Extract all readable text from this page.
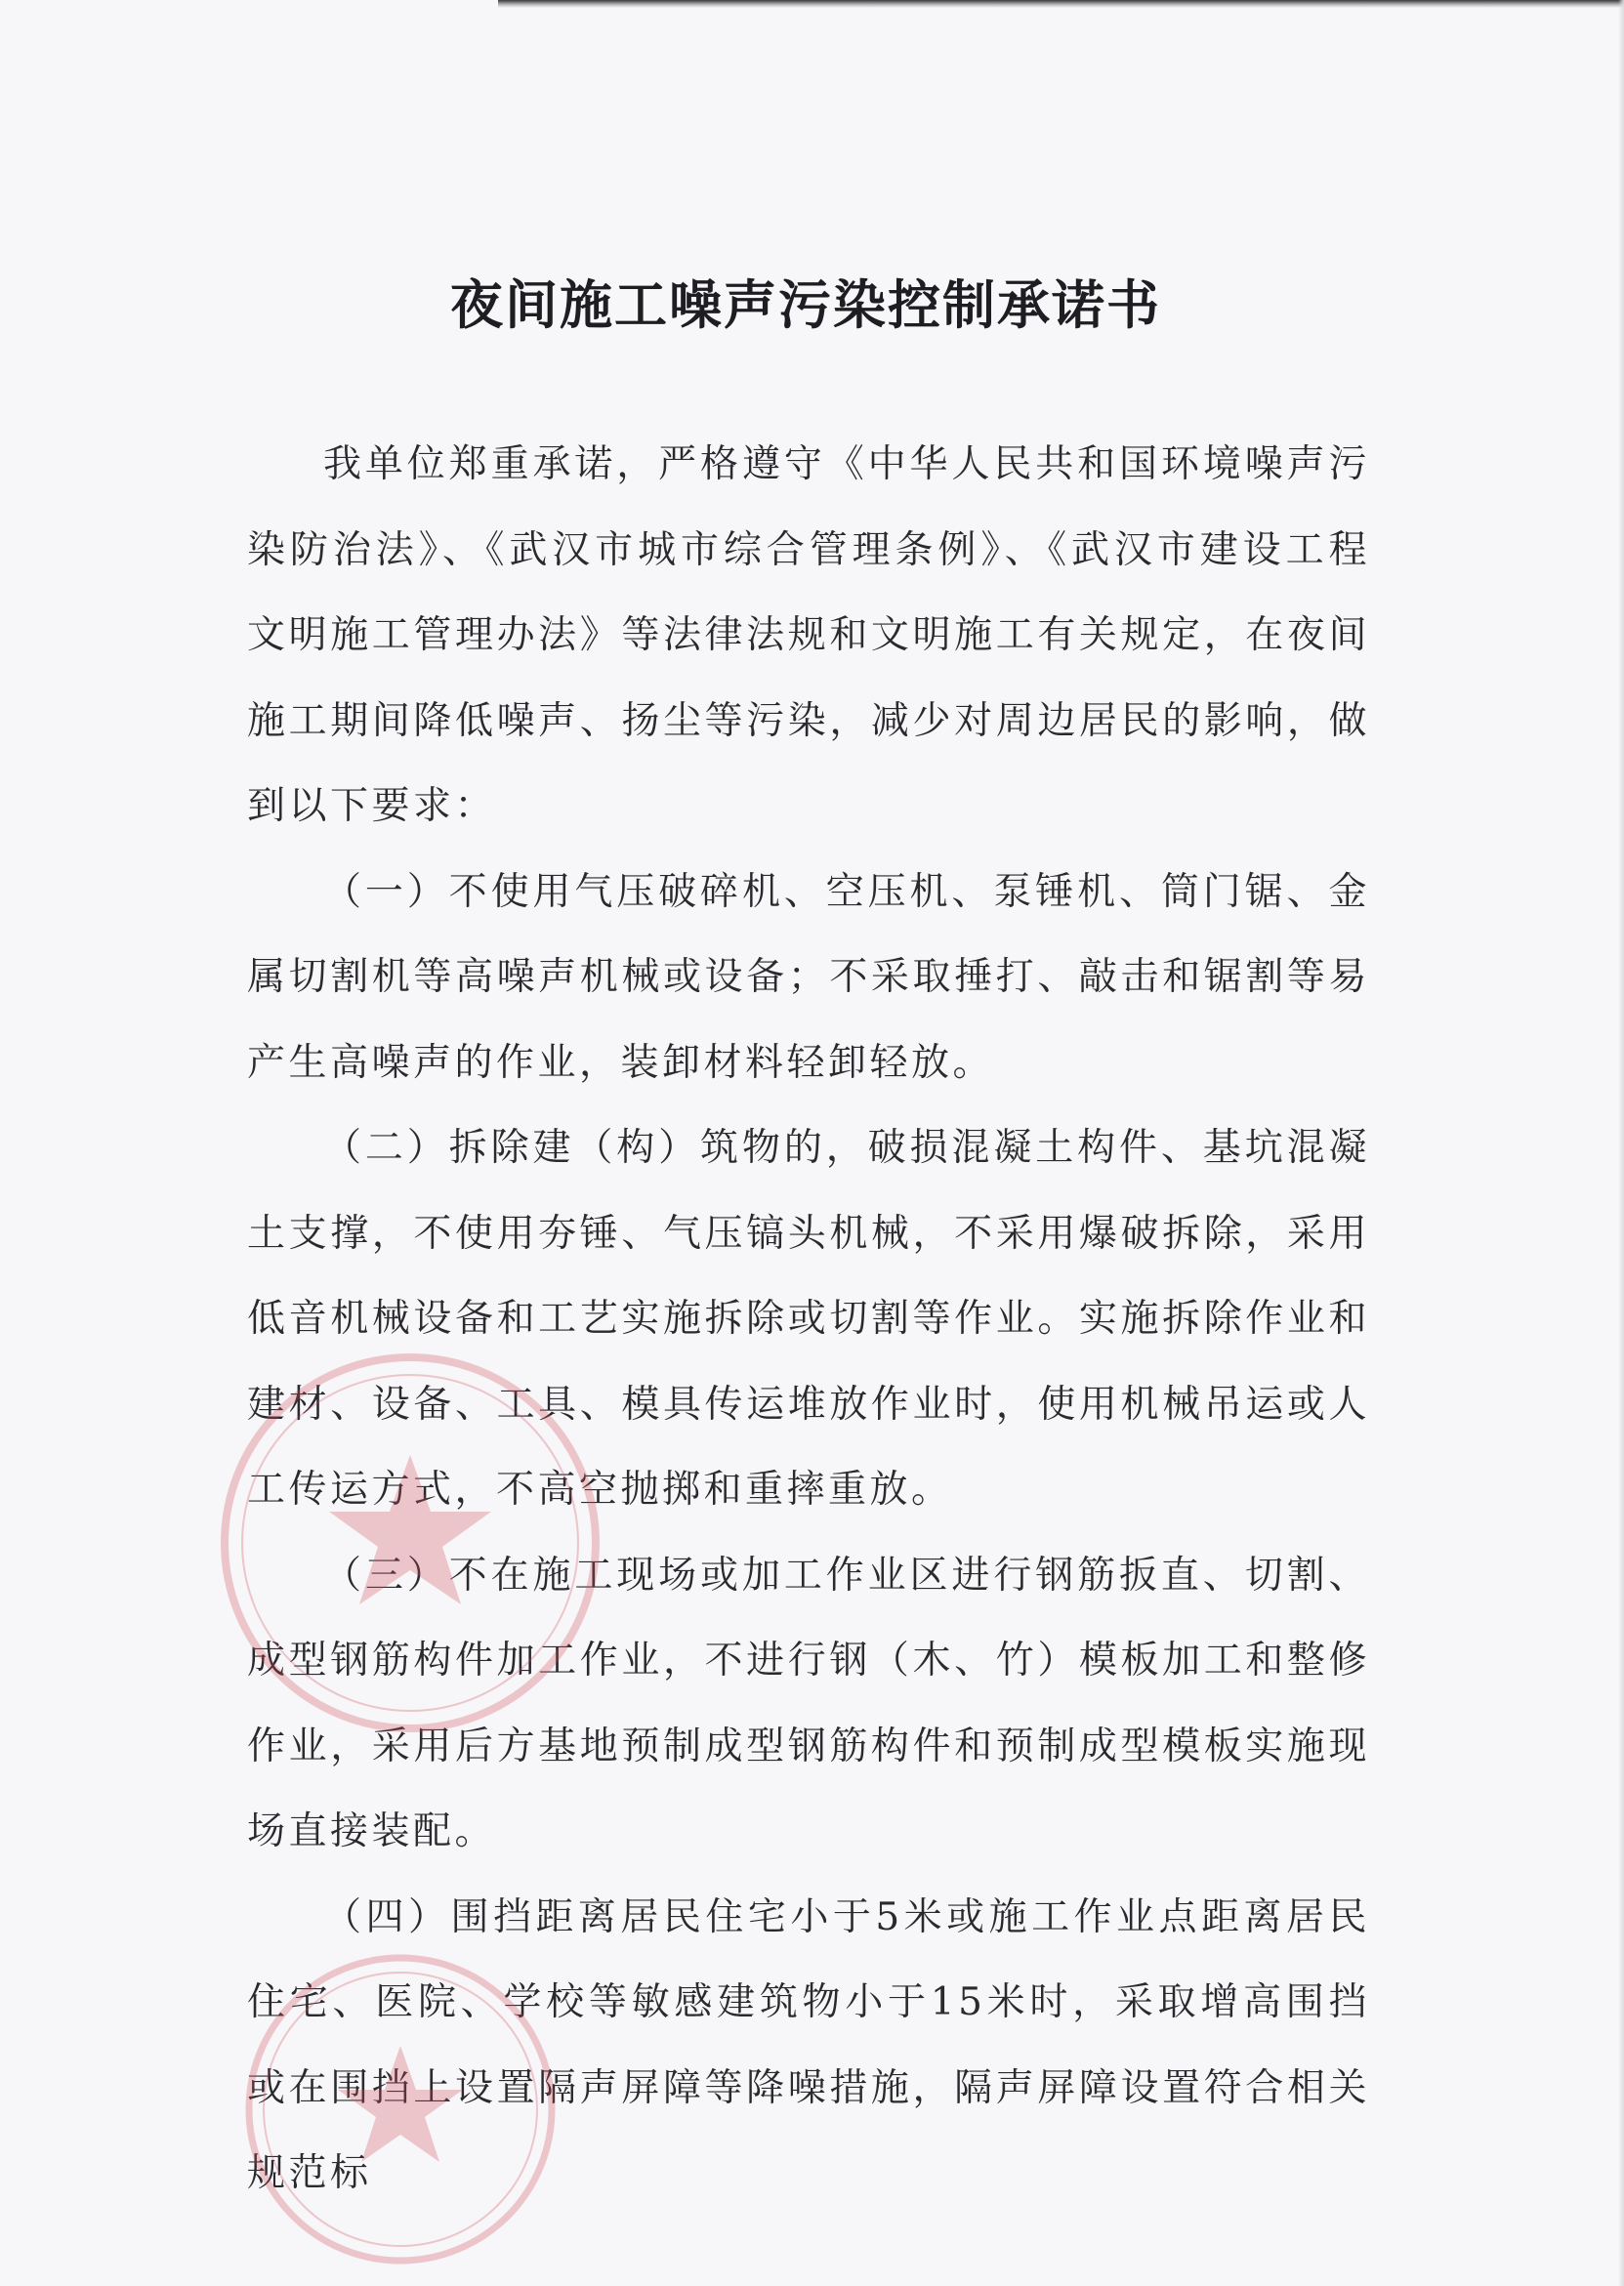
夜间施工噪声污染控制承诺书

我单位郑重承诺，严格遵守《中华人民共和国环境噪声污染防治法》、《武汉市城市综合管理条例》、《武汉市建设工程文明施工管理办法》等法律法规和文明施工有关规定，在夜间施工期间降低噪声、扬尘等污染，减少对周边居民的影响，做到以下要求：

（一）不使用气压破碎机、空压机、泵锤机、筒门锯、金属切割机等高噪声机械或设备；不采取捶打、敲击和锯割等易产生高噪声的作业，装卸材料轻卸轻放。

（二）拆除建（构）筑物的，破损混凝土构件、基坑混凝土支撑，不使用夯锤、气压镐头机械，不采用爆破拆除，采用低音机械设备和工艺实施拆除或切割等作业。实施拆除作业和建材、设备、工具、模具传运堆放作业时，使用机械吊运或人工传运方式，不高空抛掷和重摔重放。

（三）不在施工现场或加工作业区进行钢筋扳直、切割、成型钢筋构件加工作业，不进行钢（木、竹）模板加工和整修作业，采用后方基地预制成型钢筋构件和预制成型模板实施现场直接装配。

（四）围挡距离居民住宅小于5米或施工作业点距离居民住宅、医院、学校等敏感建筑物小于15米时，采取增高围挡或在围挡上设置隔声屏障等降噪措施，隔声屏障设置符合相关规范标
